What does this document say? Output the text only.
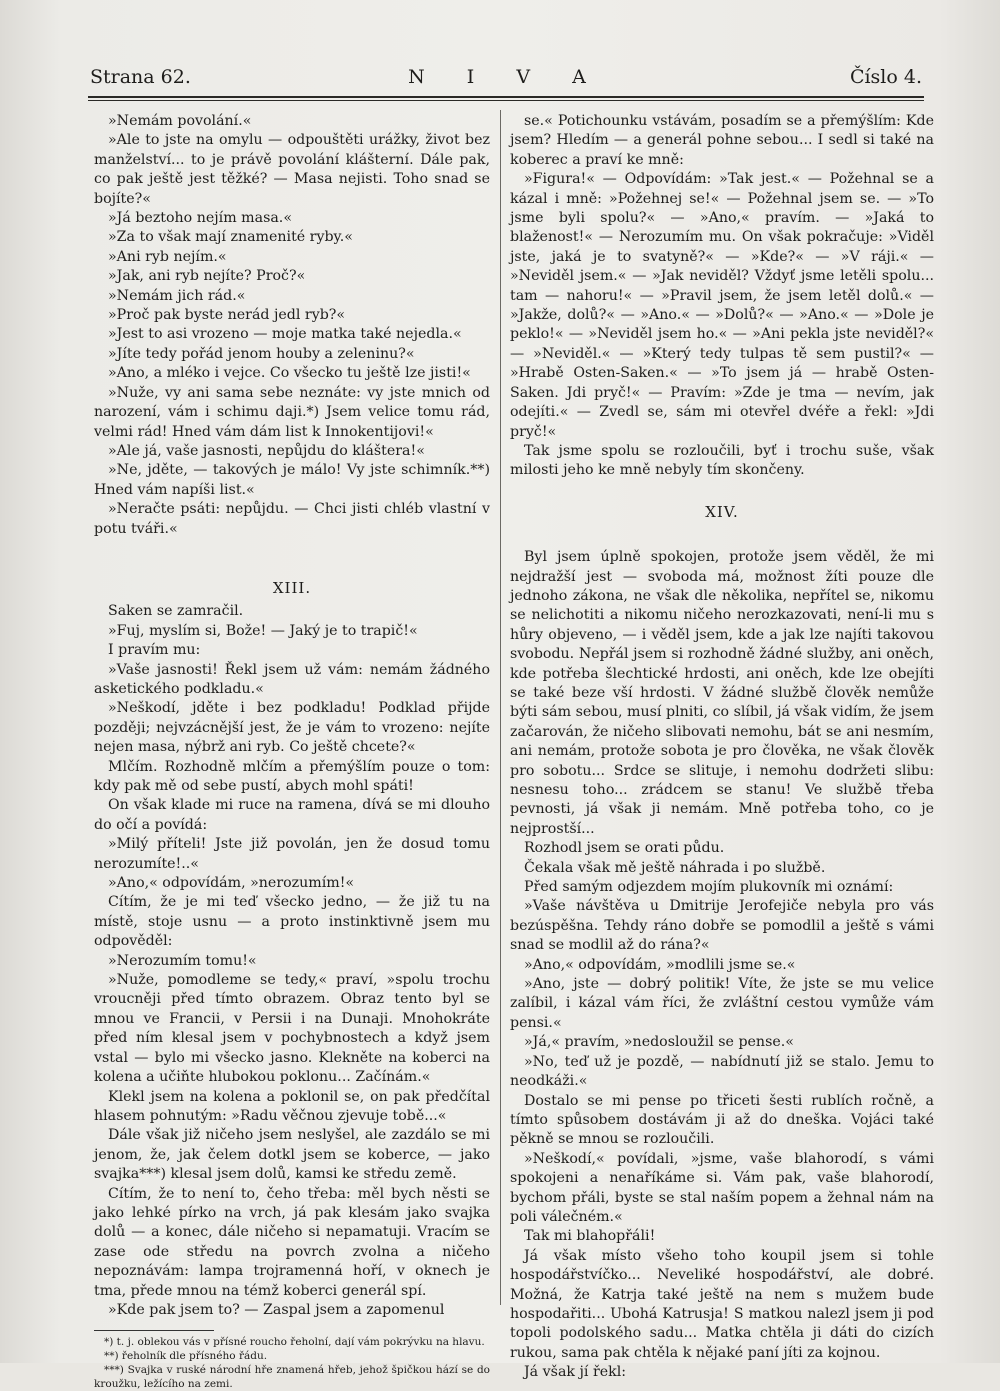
Strana 62.	N I V A	Číslo 4.

»Nemám povolání.«

»Ale to jste na omylu — odpouštěti urážky, život bez manželství... to je právě povolání klášterní. Dále pak, co pak ještě jest těžké? — Masa nejisti. Toho snad se bojíte?«

»Já beztoho nejím masa.«

»Za to však mají znamenité ryby.«

»Ani ryb nejím.«

»Jak, ani ryb nejíte? Proč?«

»Nemám jich rád.«

»Proč pak byste nerád jedl ryb?«

»Jest to asi vrozeno — moje matka také nejedla.«

»Jíte tedy pořád jenom houby a zeleninu?«

»Ano, a mléko i vejce. Co všecko tu ještě lze jisti!«

»Nuže, vy ani sama sebe neznáte: vy jste mnich od narození, vám i schimu daji.*) Jsem velice tomu rád, velmi rád! Hned vám dám list k Innokentijovi!«

»Ale já, vaše jasnosti, nepůjdu do kláštera!«

»Ne, jděte, — takových je málo! Vy jste schimník.**) Hned vám napíši list.«

»Neračte psáti: nepůjdu. — Chci jisti chléb vlastní v potu tváři.«

XIII.

Saken se zamračil.

»Fuj, myslím si, Bože! — Jaký je to trapič!«

I pravím mu:

»Vaše jasnosti! Řekl jsem už vám: nemám žádného asketického podkladu.«

»Neškodí, jděte i bez podkladu! Podklad přijde později; nejvzácnější jest, že je vám to vrozeno: nejíte nejen masa, nýbrž ani ryb. Co ještě chcete?«

Mlčím. Rozhodně mlčím a přemýšlím pouze o tom: kdy pak mě od sebe pustí, abych mohl spáti!

On však klade mi ruce na ramena, dívá se mi dlouho do očí a povídá:

»Milý příteli! Jste již povolán, jen že dosud tomu nerozumíte!..«

»Ano,« odpovídám, »nerozumím!«

Cítím, že je mi teď všecko jedno, — že již tu na místě, stoje usnu — a proto instinktivně jsem mu odpověděl:

»Nerozumím tomu!«

»Nuže, pomodleme se tedy,« praví, »spolu trochu vroucněji před tímto obrazem. Obraz tento byl se mnou ve Francii, v Persii i na Dunaji. Mnohokráte před ním klesal jsem v pochybnostech a když jsem vstal — bylo mi všecko jasno. Klekněte na koberci na kolena a učiňte hlubokou poklonu... Začínám.«

Klekl jsem na kolena a poklonil se, on pak předčítal hlasem pohnutým: »Radu věčnou zjevuje tobě...«

Dále však již ničeho jsem neslyšel, ale zazdálo se mi jenom, že, jak čelem dotkl jsem se koberce, — jako svajka***) klesal jsem dolů, kamsi ke středu země.

Cítím, že to není to, čeho třeba: měl bych něsti se jako lehké pírko na vrch, já pak klesám jako svajka dolů — a konec, dále ničeho si nepamatuji. Vracím se zase ode středu na povrch zvolna a ničeho nepoznávám: lampa trojramenná hoří, v oknech je tma, přede mnou na témž koberci generál spí.

»Kde pak jsem to? — Zaspal jsem a zapomenul

*) t. j. oblekou vás v přísné roucho řeholní, dají vám pokrývku na hlavu.

**) řeholník dle přísného řádu.

***) Svajka v ruské národní hře znamená hřeb, jehož špičkou hází se do kroužku, ležícího na zemi.

se.« Potichounku vstávám, posadím se a přemýšlím: Kde jsem? Hledím — a generál pohne sebou... I sedl si také na koberec a praví ke mně:

»Figura!« — Odpovídám: »Tak jest.« — Požehnal se a kázal i mně: »Požehnej se!« — Požehnal jsem se. — »To jsme byli spolu?« — »Ano,« pravím. — »Jaká to blaženost!« — Nerozumím mu. On však pokračuje: »Viděl jste, jaká je to svatyně?« — »Kde?« — »V ráji.« — »Neviděl jsem.« — »Jak neviděl? Vždyť jsme letěli spolu... tam — nahoru!« — »Pravil jsem, že jsem letěl dolů.« — »Jakže, dolů?« — »Ano.« — »Dolů?« — »Ano.« — »Dole je peklo!« — »Neviděl jsem ho.« — »Ani pekla jste neviděl?« — »Neviděl.« — »Který tedy tulpas tě sem pustil?« — »Hrabě Osten-Saken.« — »To jsem já — hrabě Osten-Saken. Jdi pryč!« — Pravím: »Zde je tma — nevím, jak odejíti.« — Zvedl se, sám mi otevřel dvéře a řekl: »Jdi pryč!«

Tak jsme spolu se rozloučili, byť i trochu suše, však milosti jeho ke mně nebyly tím skončeny.

XIV.

Byl jsem úplně spokojen, protože jsem věděl, že mi nejdražší jest — svoboda má, možnost žíti pouze dle jednoho zákona, ne však dle několika, nepřítel se, nikomu se nelichotiti a nikomu ničeho nerozkazovati, není-li mu s hůry objeveno, — i věděl jsem, kde a jak lze najíti takovou svobodu. Nepřál jsem si rozhodně žádné služby, ani oněch, kde potřeba šlechtické hrdosti, ani oněch, kde lze obejíti se také beze vší hrdosti. V žádné službě člověk nemůže býti sám sebou, musí plniti, co slíbil, já však vidím, že jsem začarován, že ničeho slibovati nemohu, bát se ani nesmím, ani nemám, protože sobota je pro člověka, ne však člověk pro sobotu... Srdce se slituje, i nemohu dodržeti slibu: nesnesu toho... zrádcem se stanu! Ve službě třeba pevnosti, já však ji nemám. Mně potřeba toho, co je nejprostší...

Rozhodl jsem se orati půdu.

Čekala však mě ještě náhrada i po službě.

Před samým odjezdem mojím plukovník mi oznámí:

»Vaše návštěva u Dmitrije Jerofejiče nebyla pro vás bezúspěšna. Tehdy ráno dobře se pomodlil a ještě s vámi snad se modlil až do rána?«

»Ano,« odpovídám, »modlili jsme se.«

»Ano, jste — dobrý politik! Víte, že jste se mu velice zalíbil, i kázal vám říci, že zvláštní cestou vymůže vám pensi.«

»Já,« pravím, »nedosloužil se pense.«

»No, teď už je pozdě, — nabídnutí již se stalo. Jemu to neodkáži.«

Dostalo se mi pense po třiceti šesti rublích ročně, a tímto spůsobem dostávám ji až do dneška. Vojáci také pěkně se mnou se rozloučili.

»Neškodí,« povídali, »jsme, vaše blahorodí, s vámi spokojeni a nenaříkáme si. Vám pak, vaše blahorodí, bychom přáli, byste se stal naším popem a žehnal nám na poli válečném.«

Tak mi blahopřáli!

Já však místo všeho toho koupil jsem si tohle hospodářstvíčko... Neveliké hospodářství, ale dobré. Možná, že Katrja také ještě na nem s mužem bude hospodařiti... Ubohá Katrusja! S matkou nalezl jsem ji pod topoli podolského sadu... Matka chtěla ji dáti do cizích rukou, sama pak chtěla k nějaké paní jíti za kojnou.

Já však jí řekl:
